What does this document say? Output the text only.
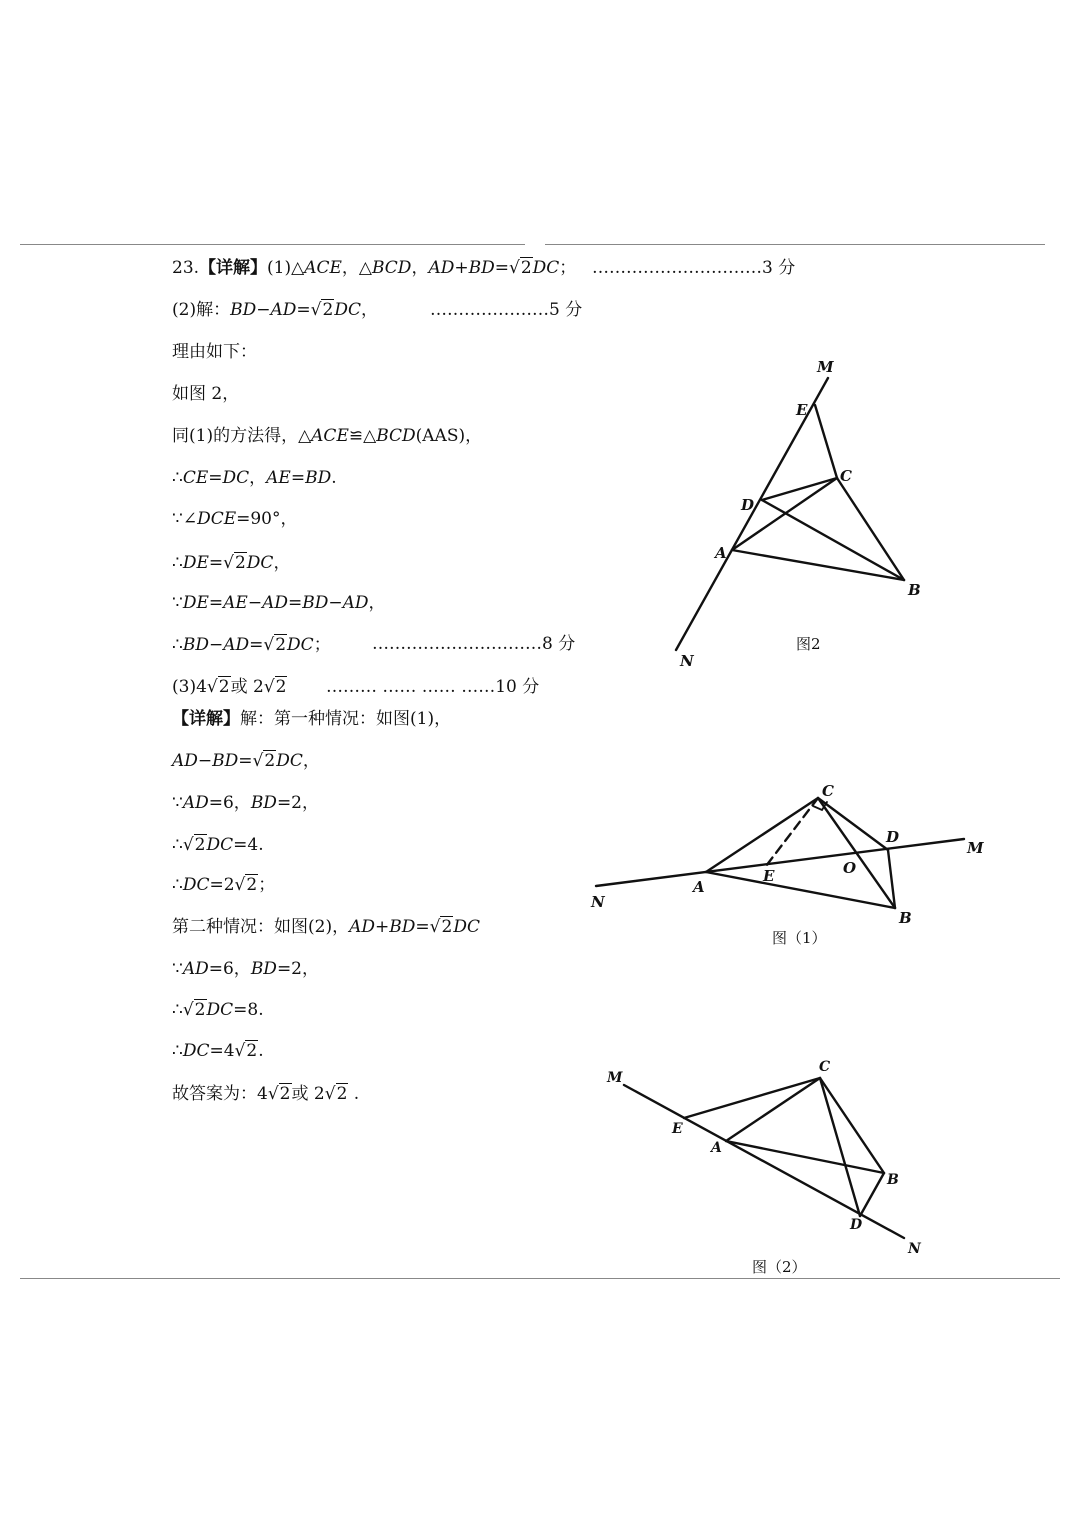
23.【详解】(1)△ACE，△BCD，AD+BD=√2DC；
(2)解：BD−AD=√2DC，
理由如下：
如图 2，
同(1)的方法得，△ACE≌△BCD(AAS)，
∴CE=DC，AE=BD.
∵∠DCE=90°，
∴DE=√2DC，
∵DE=AE−AD=BD−AD，
∴BD−AD=√2DC；
(3)4√2或 2√2
【详解】解：第一种情况：如图(1)，
AD−BD=√2DC，
∵AD=6，BD=2，
∴√2DC=4.
∴DC=2√2；
第二种情况：如图(2)，AD+BD=√2DC
∵AD=6，BD=2，
∴√2DC=8.
∴DC=4√2.
故答案为：4√2或 2√2 .
…………………………3 分
…………………5 分
…………………………8 分
……… …… …… ……10 分
M
E
C
D
A
B
N
图2
C
D
M
N
A
E	O
B
图（1）
M
C
E
A
B
D
N
图（2）
